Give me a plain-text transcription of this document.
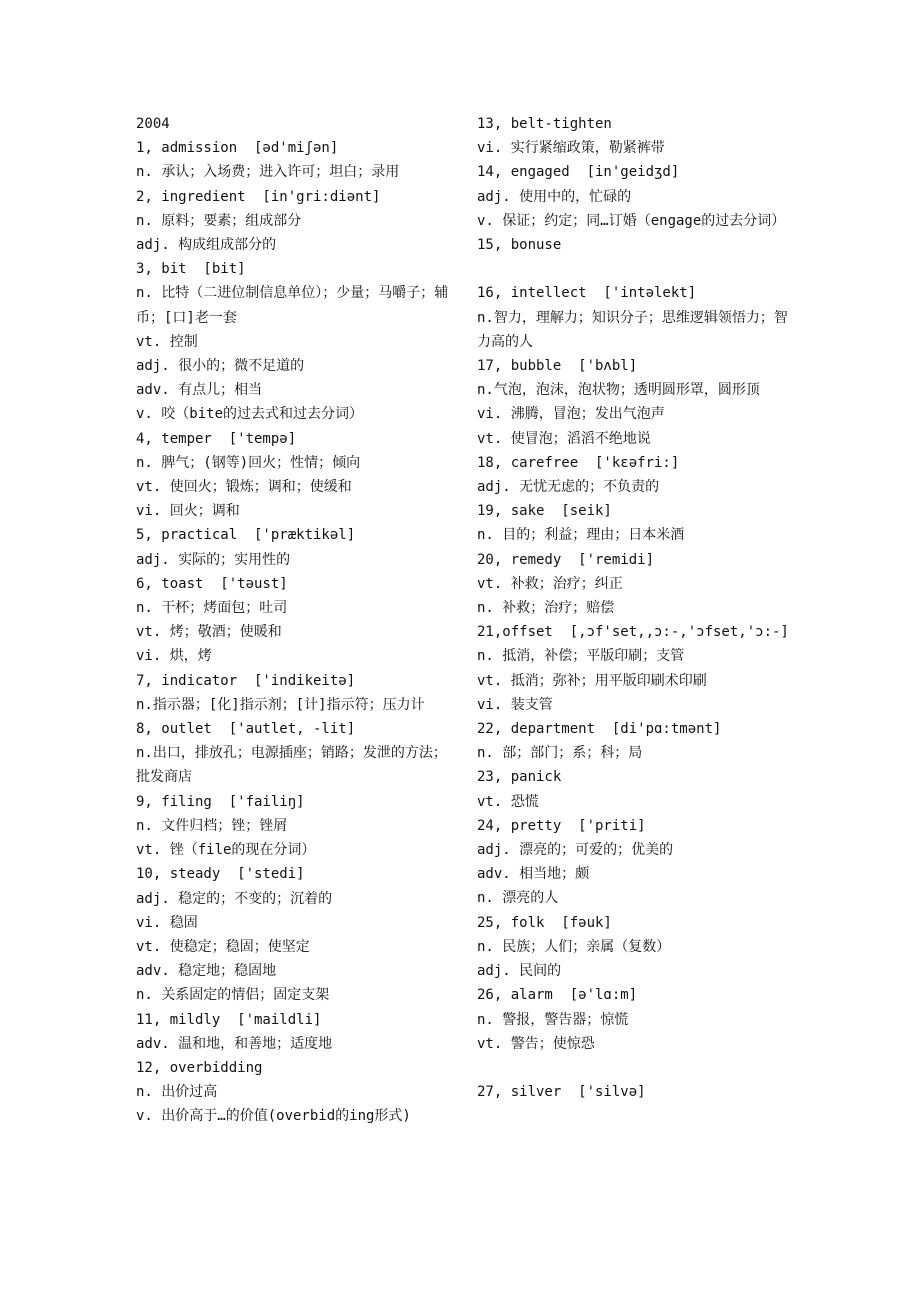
2004

1, admission  [əd'miʃən]

n. 承认；入场费；进入许可；坦白；录用

2, ingredient  [in'gri:diənt]

n. 原料；要素；组成部分

adj. 构成组成部分的

3, bit  [bit]

n. 比特（二进位制信息单位）；少量；马嚼子；辅币；[口]老一套

vt. 控制

adj. 很小的；微不足道的

adv. 有点儿；相当

v. 咬（bite的过去式和过去分词）

4, temper  ['tempə]

n. 脾气；(钢等)回火；性情；倾向

vt. 使回火；锻炼；调和；使缓和

vi. 回火；调和

5, practical  ['præktikəl]

adj. 实际的；实用性的

6, toast  ['təust]

n. 干杯；烤面包；吐司

vt. 烤；敬酒；使暖和

vi. 烘，烤

7, indicator  ['indikeitə]

n.指示器；[化]指示剂；[计]指示符；压力计

8, outlet  ['autlet, -lit]

n.出口，排放孔；电源插座；销路；发泄的方法；批发商店

9, filing  ['failiŋ]

n. 文件归档；锉；锉屑

vt. 锉（file的现在分词）

10, steady  ['stedi]

adj. 稳定的；不变的；沉着的

vi. 稳固

vt. 使稳定；稳固；使坚定

adv. 稳定地；稳固地

n. 关系固定的情侣；固定支架

11, mildly  ['maildli]

adv. 温和地，和善地；适度地

12, overbidding

n. 出价过高

v. 出价高于…的价值(overbid的ing形式)

13, belt-tighten

vi. 实行紧缩政策，勒紧裤带

14, engaged  [in'geidʒd]

adj. 使用中的，忙碌的

v. 保证；约定；同…订婚（engage的过去分词）

15, bonuse

16, intellect  ['intəlekt]

n.智力，理解力；知识分子；思维逻辑领悟力；智力高的人

17, bubble  ['bʌbl]

n.气泡，泡沫，泡状物；透明圆形罩，圆形顶

vi. 沸腾，冒泡；发出气泡声

vt. 使冒泡；滔滔不绝地说

18, carefree  ['kεəfri:]

adj. 无忧无虑的；不负责的

19, sake  [seik]

n. 目的；利益；理由；日本米酒

20, remedy  ['remidi]

vt. 补救；治疗；纠正

n. 补救；治疗；赔偿

21,offset  [,ɔf'set,,ɔ:-,'ɔfset,'ɔ:-]

n. 抵消，补偿；平版印刷；支管

vt. 抵消；弥补；用平版印刷术印刷

vi. 装支管

22, department  [di'pɑ:tmənt]

n. 部；部门；系；科；局

23, panick

vt. 恐慌

24, pretty  ['priti]

adj. 漂亮的；可爱的；优美的

adv. 相当地；颇

n. 漂亮的人

25, folk  [fəuk]

n. 民族；人们；亲属（复数）

adj. 民间的

26, alarm  [ə'lɑ:m]

n. 警报，警告器；惊慌

vt. 警告；使惊恐

27, silver  ['silvə]
